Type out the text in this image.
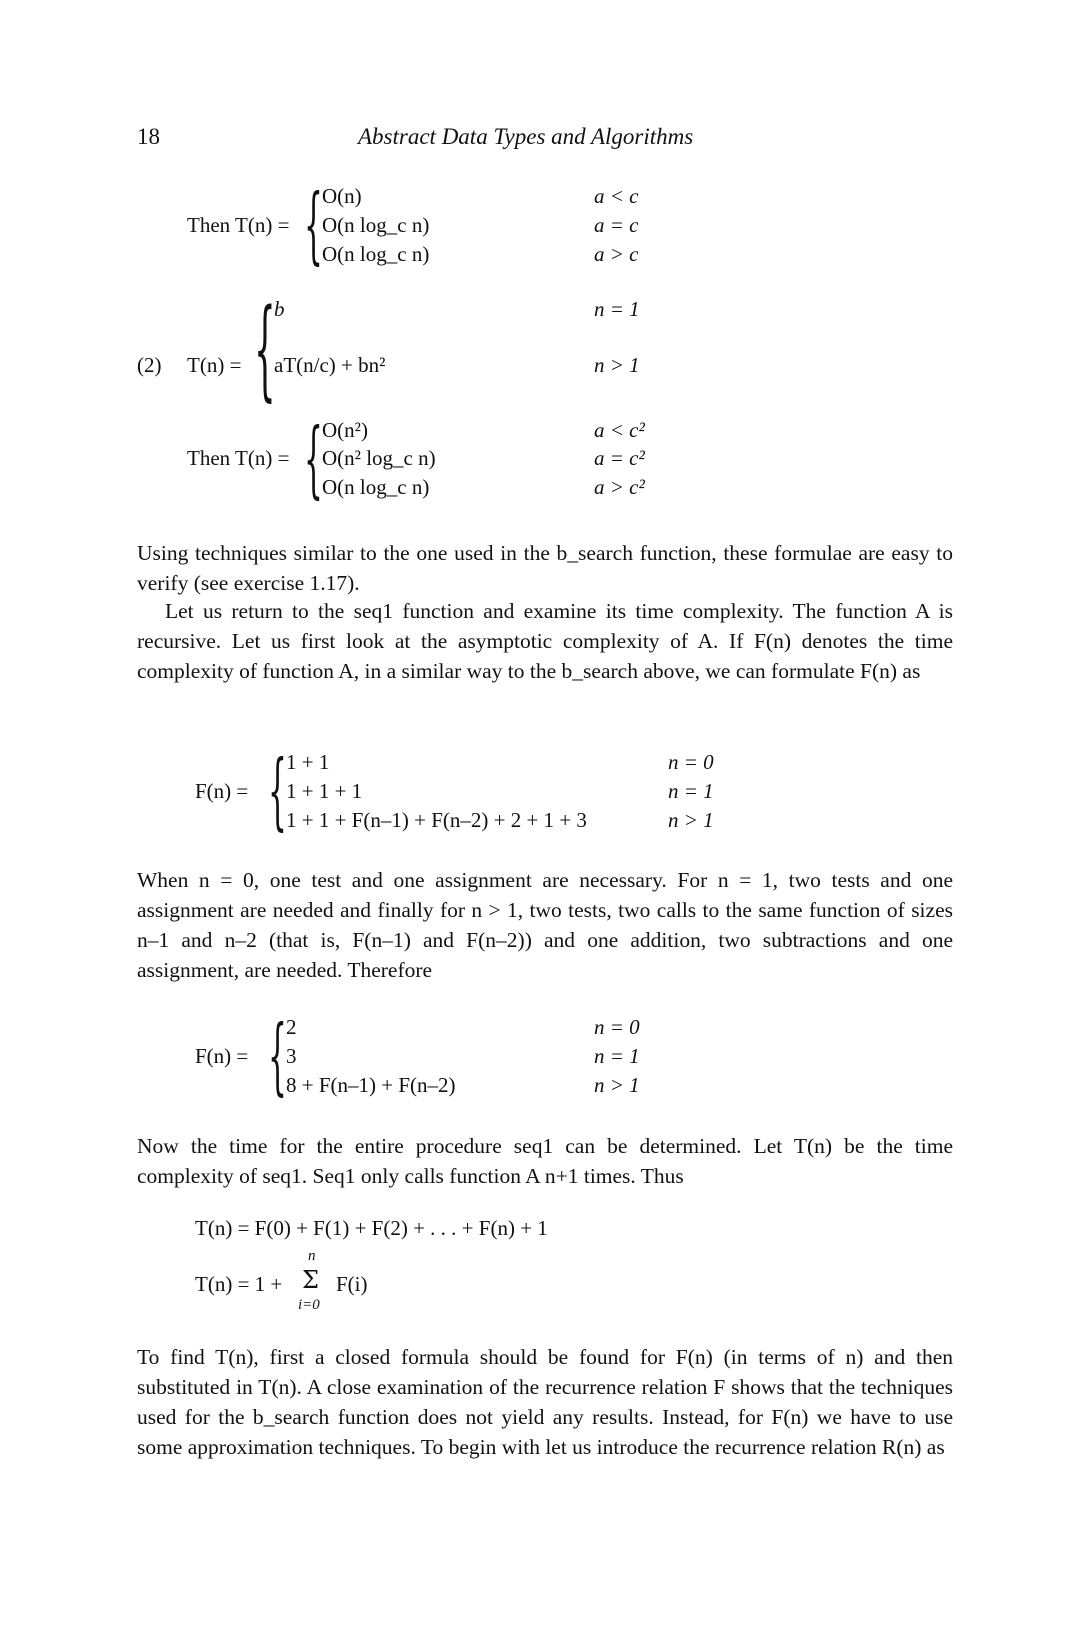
18	Abstract Data Types and Algorithms
Then T(n) = { O(n)
O(n log_c n)
O(n log_c n)
a < c
a = c
a > c
(2) T(n) = {
b
aT(n/c) + bn²
n = 1
n > 1
Then T(n) = { O(n²)
O(n² log_c n)
O(n log_c n)
a < c²
a = c²
a > c²
Using techniques similar to the one used in the b_search function, these formulae are easy to verify (see exercise 1.17).
Let us return to the seq1 function and examine its time complexity. The function A is recursive. Let us first look at the asymptotic complexity of A. If F(n) denotes the time complexity of function A, in a similar way to the b_search above, we can formulate F(n) as
F(n) = { 1 + 1
1 + 1 + 1
1 + 1 + F(n–1) + F(n–2) + 2 + 1 + 3
n = 0
n = 1
n > 1
When n = 0, one test and one assignment are necessary. For n = 1, two tests and one assignment are needed and finally for n > 1, two tests, two calls to the same function of sizes n–1 and n–2 (that is, F(n–1) and F(n–2)) and one addition, two subtractions and one assignment, are needed. Therefore
F(n) = { 2
3
8 + F(n–1) + F(n–2)
n = 0
n = 1
n > 1
Now the time for the entire procedure seq1 can be determined. Let T(n) be the time complexity of seq1. Seq1 only calls function A n+1 times. Thus
T(n) = F(0) + F(1) + F(2) + . . . + F(n) + 1
T(n) = 1 +
n
Σ
i=0
F(i)
To find T(n), first a closed formula should be found for F(n) (in terms of n) and then substituted in T(n). A close examination of the recurrence relation F shows that the techniques used for the b_search function does not yield any results. Instead, for F(n) we have to use some approximation techniques. To begin with let us introduce the recurrence relation R(n) as
